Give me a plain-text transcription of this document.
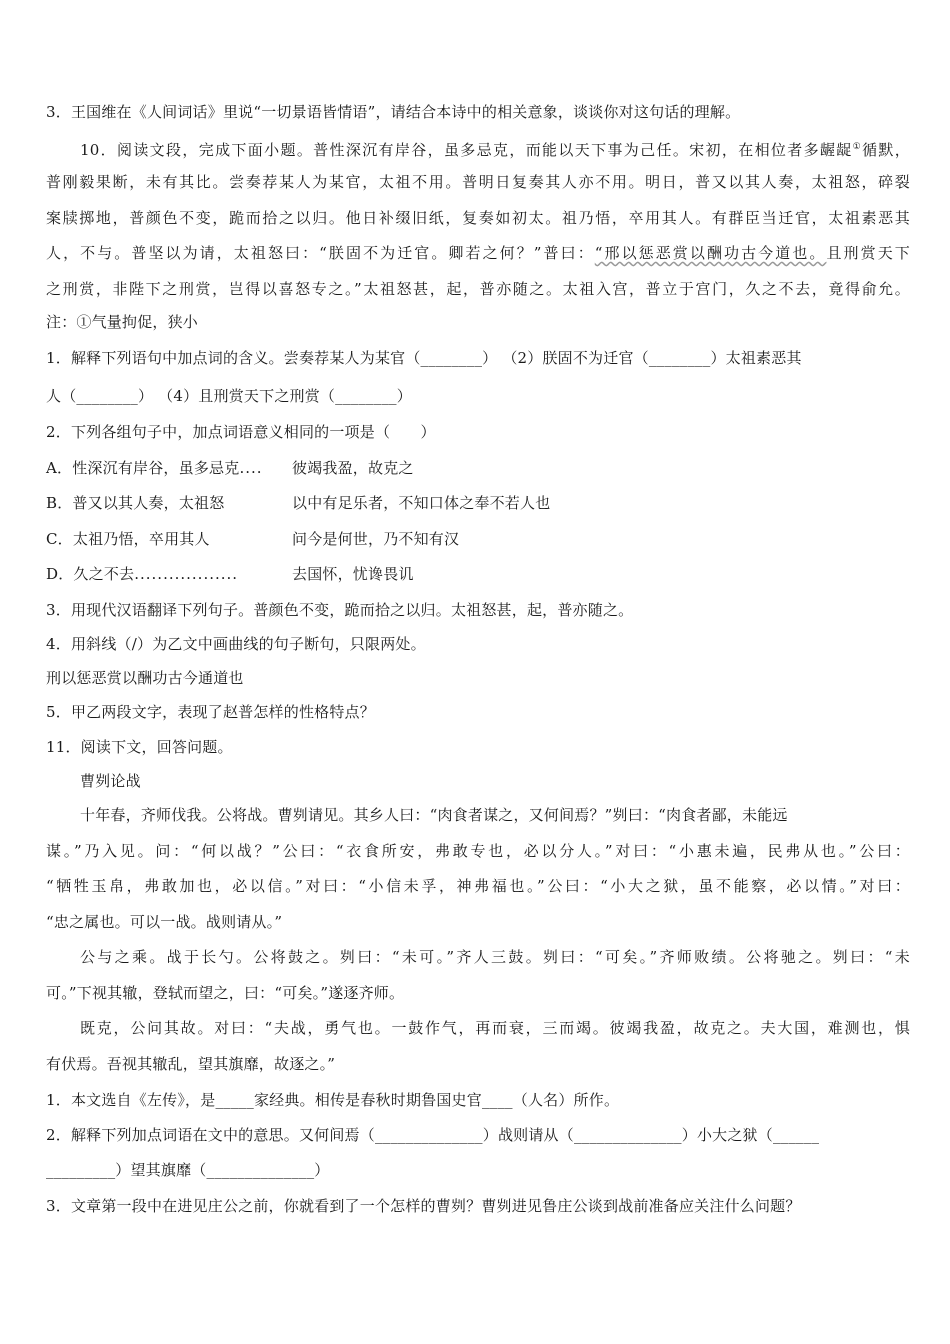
3．王国维在《人间词话》里说“一切景语皆情语”，请结合本诗中的相关意象，谈谈你对这句话的理解。
10．阅读文段，完成下面小题。普性深沉有岸谷，虽多忌克，而能以天下事为己任。宋初，在相位者多龌龊①循默，
普刚毅果断，未有其比。尝奏荐某人为某官，太祖不用。普明日复奏其人亦不用。明日，普又以其人奏，太祖怒，碎裂
案牍掷地，普颜色不变，跪而拾之以归。他日补缀旧纸，复奏如初太。祖乃悟，卒用其人。有群臣当迁官，太祖素恶其
人，不与。普坚以为请，太祖怒曰：“朕固不为迁官。卿若之何？”普曰：“邢以惩恶赏以酬功古今道也。且刑赏天下
之刑赏，非陛下之刑赏，岂得以喜怒专之。”太祖怒甚，起，普亦随之。太祖入宫，普立于宫门，久之不去，竟得俞允。
注：①气量拘促，狭小
1．解释下列语句中加点词的含义。尝奏荐某人为某官（________） （2）朕固不为迁官（________）太祖素恶其
人（________） （4）且刑赏天下之刑赏（________）
2．下列各组句子中，加点词语意义相同的一项是（　　）
A．性深沉有岸谷，虽多忌克.... 彼竭我盈，故克之
B．普又以其人奏，太祖怒	以中有足乐者，不知口体之奉不若人也
C．太祖乃悟，卒用其人	问今是何世，乃不知有汉
D．久之不去..................	去国怀，忧谗畏讥
3．用现代汉语翻译下列句子。普颜色不变，跪而拾之以归。太祖怒甚，起，普亦随之。
4．用斜线（/）为乙文中画曲线的句子断句，只限两处。
刑以惩恶赏以酬功古今通道也
5．甲乙两段文字，表现了赵普怎样的性格特点？
11．阅读下文，回答问题。
曹刿论战
十年春，齐师伐我。公将战。曹刿请见。其乡人曰：“肉食者谋之，又何间焉？”刿曰：“肉食者鄙，未能远
谋。”乃入见。问：“何以战？”公曰：“衣食所安，弗敢专也，必以分人。”对曰：“小惠未遍，民弗从也。”公曰：
“牺牲玉帛，弗敢加也，必以信。”对曰：“小信未孚，神弗福也。”公曰：“小大之狱，虽不能察，必以情。”对曰：
“忠之属也。可以一战。战则请从。”
公与之乘。战于长勺。公将鼓之。刿曰：“未可。”齐人三鼓。刿曰：“可矣。”齐师败绩。公将驰之。刿曰：“未
可。”下视其辙，登轼而望之，曰：“可矣。”遂逐齐师。
既克，公问其故。对曰：“夫战，勇气也。一鼓作气，再而衰，三而竭。彼竭我盈，故克之。夫大国，难测也，惧
有伏焉。吾视其辙乱，望其旗靡，故逐之。”
1．本文选自《左传》，是_____家经典。相传是春秋时期鲁国史官____（人名）所作。
2．解释下列加点词语在文中的意思。又何间焉（______________）战则请从（______________）小大之狱（______
_________）望其旗靡（______________）
3．文章第一段中在进见庄公之前，你就看到了一个怎样的曹刿？曹刿进见鲁庄公谈到战前准备应关注什么问题？
